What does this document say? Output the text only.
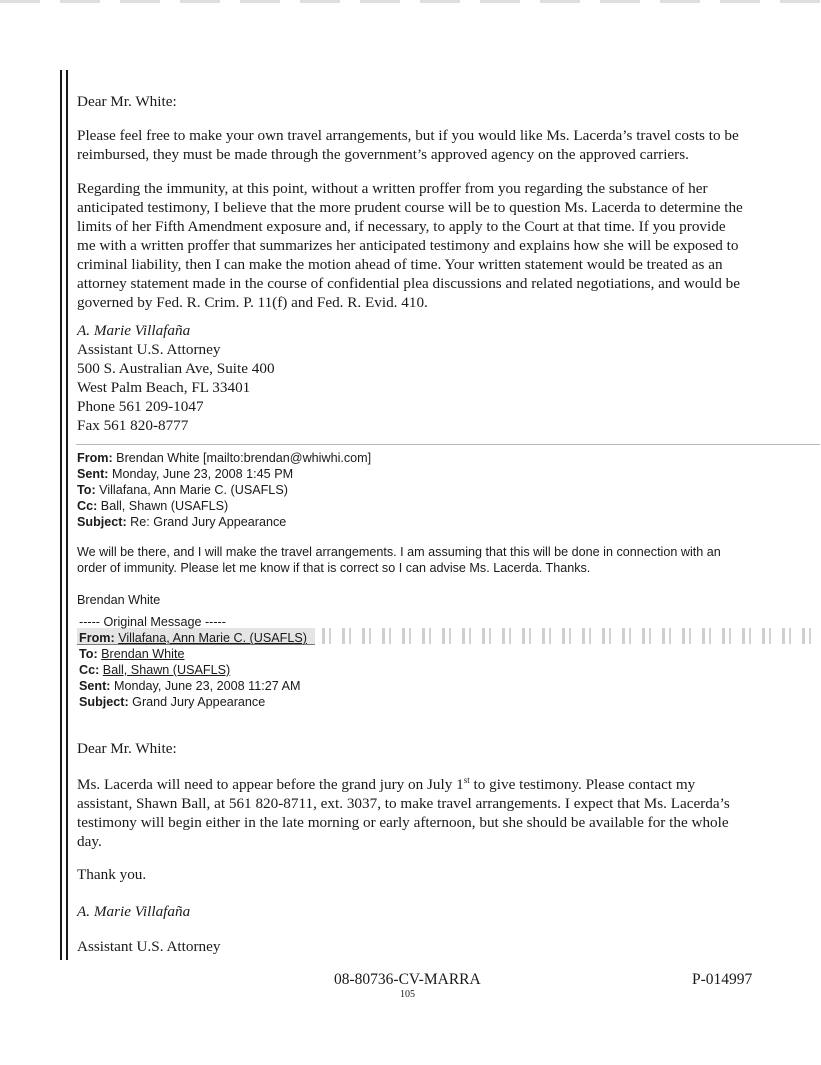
Dear Mr. White:

Please feel free to make your own travel arrangements, but if you would like Ms. Lacerda’s travel costs to be
reimbursed, they must be made through the government’s approved agency on the approved carriers.

Regarding the immunity, at this point, without a written proffer from you regarding the substance of her
anticipated testimony, I believe that the more prudent course will be to question Ms. Lacerda to determine the
limits of her Fifth Amendment exposure and, if necessary, to apply to the Court at that time. If you provide
me with a written proffer that summarizes her anticipated testimony and explains how she will be exposed to
criminal liability, then I can make the motion ahead of time. Your written statement would be treated as an
attorney statement made in the course of confidential plea discussions and related negotiations, and would be
governed by Fed. R. Crim. P. 11(f) and Fed. R. Evid. 410.

A. Marie Villafaña
Assistant U.S. Attorney
500 S. Australian Ave, Suite 400
West Palm Beach, FL 33401
Phone 561 209-1047
Fax 561 820-8777

From: Brendan White [mailto:brendan@whiwhi.com]
Sent: Monday, June 23, 2008 1:45 PM
To: Villafana, Ann Marie C. (USAFLS)
Cc: Ball, Shawn (USAFLS)
Subject: Re: Grand Jury Appearance
We will be there, and I will make the travel arrangements. I am assuming that this will be done in connection with an
order of immunity. Please let me know if that is correct so I can advise Ms. Lacerda. Thanks.

Brendan White

----- Original Message -----
From: Villafana, Ann Marie C. (USAFLS)
To: Brendan White
Cc: Ball, Shawn (USAFLS)
Sent: Monday, June 23, 2008 11:27 AM
Subject: Grand Jury Appearance

Dear Mr. White:

Ms. Lacerda will need to appear before the grand jury on July 1st to give testimony. Please contact my
assistant, Shawn Ball, at 561 820-8711, ext. 3037, to make travel arrangements. I expect that Ms. Lacerda’s
testimony will begin either in the late morning or early afternoon, but she should be available for the whole
day.

Thank you.

A. Marie Villafaña

Assistant U.S. Attorney

08-80736-CV-MARRA	P-014997

105
